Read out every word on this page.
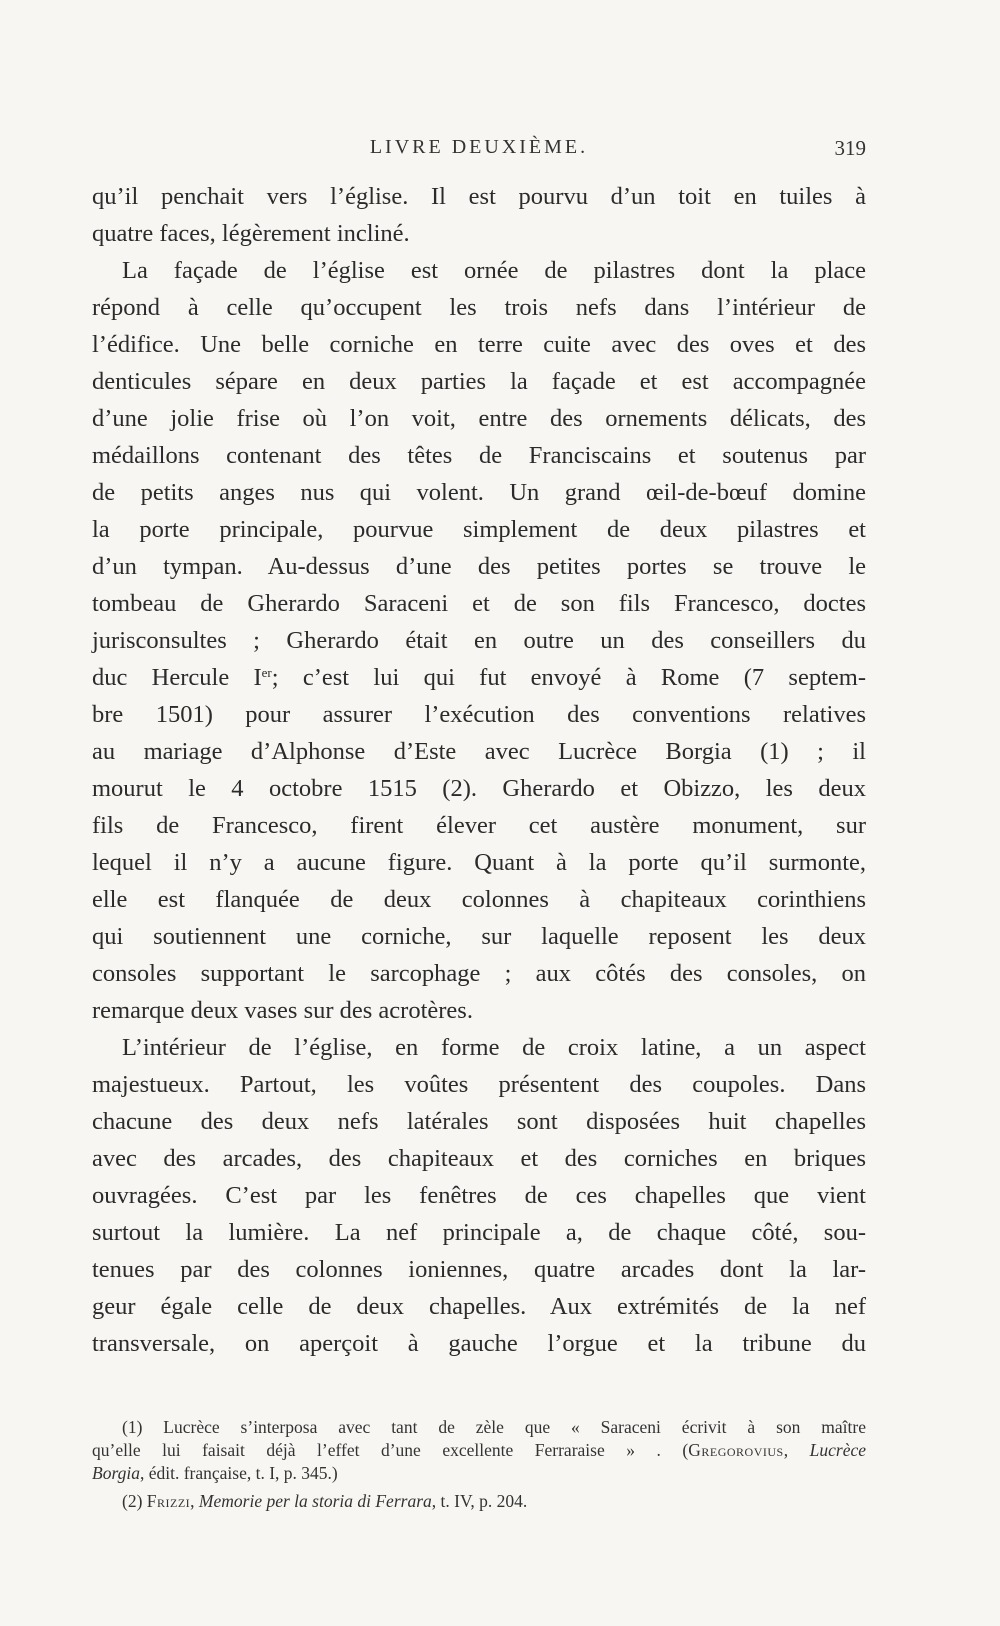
LIVRE DEUXIÈME.	319
qu’il penchait vers l’église. Il est pourvu d’un toit en tuiles à
quatre faces, légèrement incliné.
La façade de l’église est ornée de pilastres dont la place
répond à celle qu’occupent les trois nefs dans l’intérieur de
l’édifice. Une belle corniche en terre cuite avec des oves et des
denticules sépare en deux parties la façade et est accompagnée
d’une jolie frise où l’on voit, entre des ornements délicats, des
médaillons contenant des têtes de Franciscains et soutenus par
de petits anges nus qui volent. Un grand œil-de-bœuf domine
la porte principale, pourvue simplement de deux pilastres et
d’un tympan. Au-dessus d’une des petites portes se trouve le
tombeau de Gherardo Saraceni et de son fils Francesco, doctes
jurisconsultes ; Gherardo était en outre un des conseillers du
duc Hercule Ier; c’est lui qui fut envoyé à Rome (7 septem-
bre 1501) pour assurer l’exécution des conventions relatives
au mariage d’Alphonse d’Este avec Lucrèce Borgia (1) ; il
mourut le 4 octobre 1515 (2). Gherardo et Obizzo, les deux
fils de Francesco, firent élever cet austère monument, sur
lequel il n’y a aucune figure. Quant à la porte qu’il surmonte,
elle est flanquée de deux colonnes à chapiteaux corinthiens
qui soutiennent une corniche, sur laquelle reposent les deux
consoles supportant le sarcophage ; aux côtés des consoles, on
remarque deux vases sur des acrotères.
L’intérieur de l’église, en forme de croix latine, a un aspect
majestueux. Partout, les voûtes présentent des coupoles. Dans
chacune des deux nefs latérales sont disposées huit chapelles
avec des arcades, des chapiteaux et des corniches en briques
ouvragées. C’est par les fenêtres de ces chapelles que vient
surtout la lumière. La nef principale a, de chaque côté, sou-
tenues par des colonnes ioniennes, quatre arcades dont la lar-
geur égale celle de deux chapelles. Aux extrémités de la nef
transversale, on aperçoit à gauche l’orgue et la tribune du
(1) Lucrèce s’interposa avec tant de zèle que « Saraceni écrivit à son maître
qu’elle lui faisait déjà l’effet d’une excellente Ferraraise » . (Gregorovius, Lucrèce
Borgia, édit. française, t. I, p. 345.)
(2) Frizzi, Memorie per la storia di Ferrara, t. IV, p. 204.
